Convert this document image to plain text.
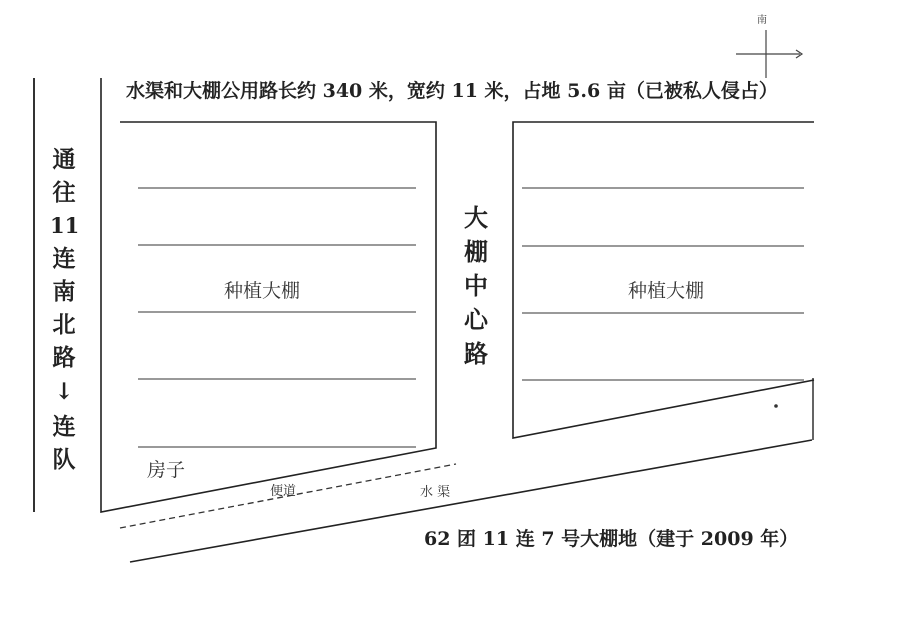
南
水渠和大棚公用路长约 340 米，宽约 11 米，占地 5.6 亩（已被私人侵占）
通
往
11
连
南
北
路
↓
连
队
大
棚
中
心
路
种植大棚	种植大棚
房子
便道	水 渠
62 团 11 连 7 号大棚地（建于 2009 年）
